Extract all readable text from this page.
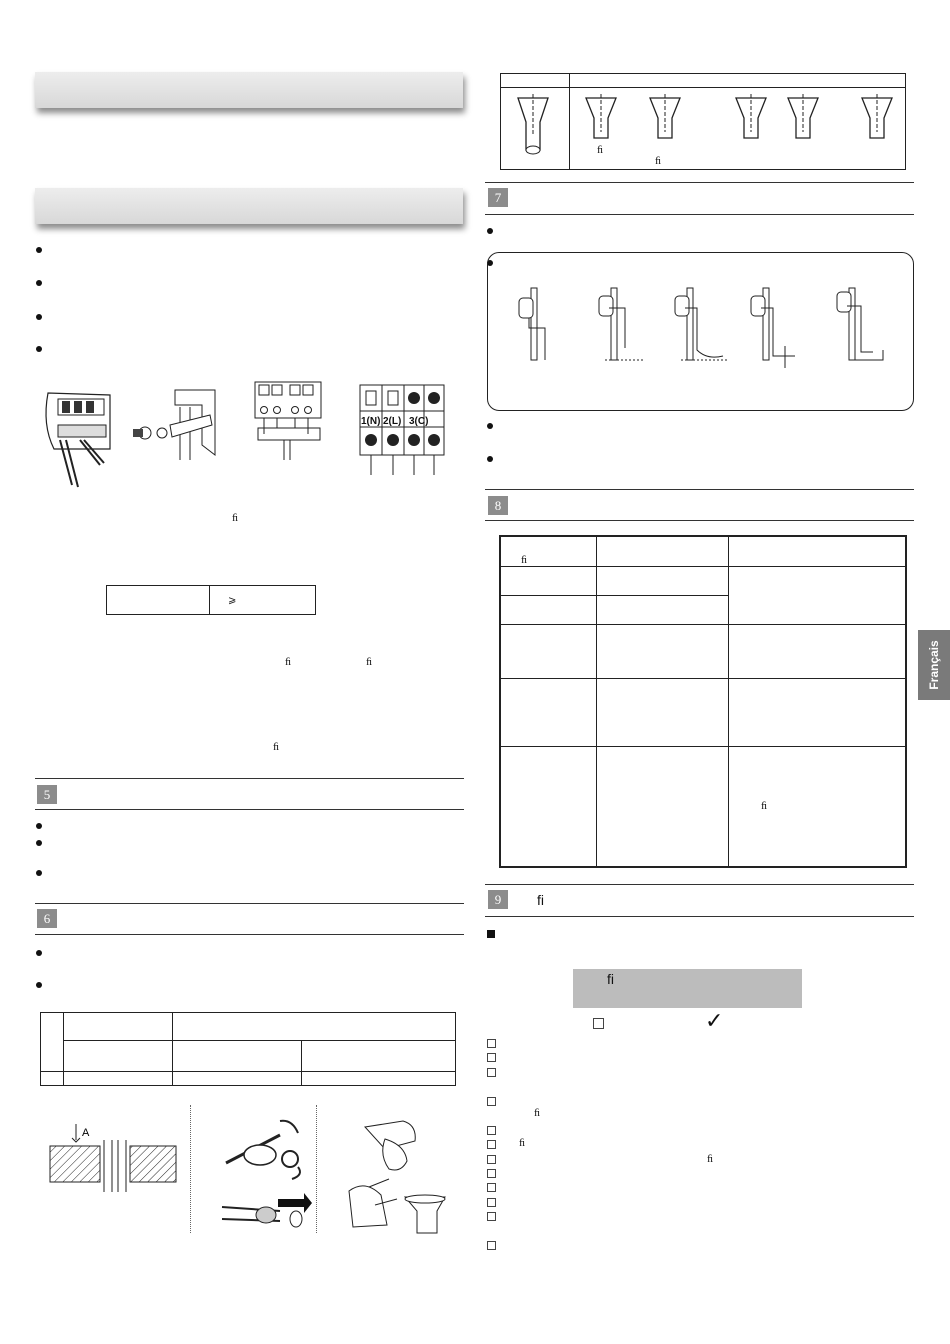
1(N) 2(L) 3(C)
ﬁ
	⩾
ﬁ	ﬁ
ﬁ
5
6

A

ﬁ
ﬁ
7
8
ﬁ		

ﬁ
9	ﬁ
ﬁ
✓
ﬁ
ﬁ
ﬁ
Français
